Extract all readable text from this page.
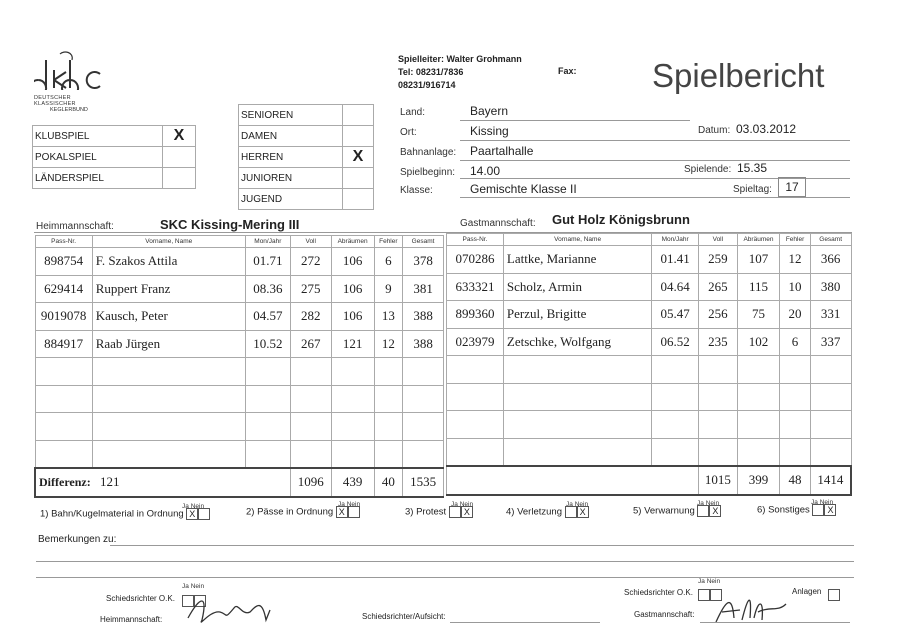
DEUTSCHER KLASSISCHER
KEGLERBUND
Spielleiter: Walter Grohmann
Tel: 08231/7836
08231/916714
Fax: Spielbericht
KLUBSPIEL	X
POKALSPIEL	
LÄNDERSPIEL	
SENIOREN	
DAMEN	
HERREN	X
JUNIOREN	
JUGEND	
Land:	Bayern
Ort:	Kissing	Datum: 03.03.2012
Bahnanlage: Paartalhalle
Spielbeginn: 14.00	Spielende: 15.35
Klasse:	Gemischte Klasse II	Spieltag:	17
Heimmannschaft:	SKC Kissing-Mering III	Gastmannschaft: Gut Holz Königsbrunn
Pass-Nr.	Vorname, Name	Mon/Jahr	Voll	Abräumen	Fehler	Gesamt
898754	F. Szakos Attila	01.71	272	106	6	378
629414	Ruppert Franz	08.36	275	106	9	381
9019078	Kausch, Peter	04.57	282	106	13	388
884917	Raab Jürgen	10.52	267	121	12	388

Differenz: 121			1096	439	40	1535
Pass-Nr.	Vorname, Name	Mon/Jahr	Voll	Abräumen	Fehler	Gesamt
070286	Lattke, Marianne	01.41	259	107	12	366
633321	Scholz, Armin	04.64	265	115	10	380
899360	Perzul, Brigitte	05.47	256	75	20	331
023979	Zetschke, Wolfgang	06.52	235	102	6	337

			1015	399	48	1414
Ja Nein
1) Bahn/Kugelmaterial in Ordnung X
Ja Nein
2) Pässe in Ordnung X
Ja Nein
3) Protest X
Ja Nein
4) Verletzung X
Ja Nein
5) Verwarnung X
Ja Nein
6) Sonstiges X
Bemerkungen zu:
Ja Nein
Schiedsrichter O.K.
Heimmannschaft:	Schiedsrichter/Aufsicht:
Ja Nein
Schiedsrichter O.K.	Anlagen
Gastmannschaft:
